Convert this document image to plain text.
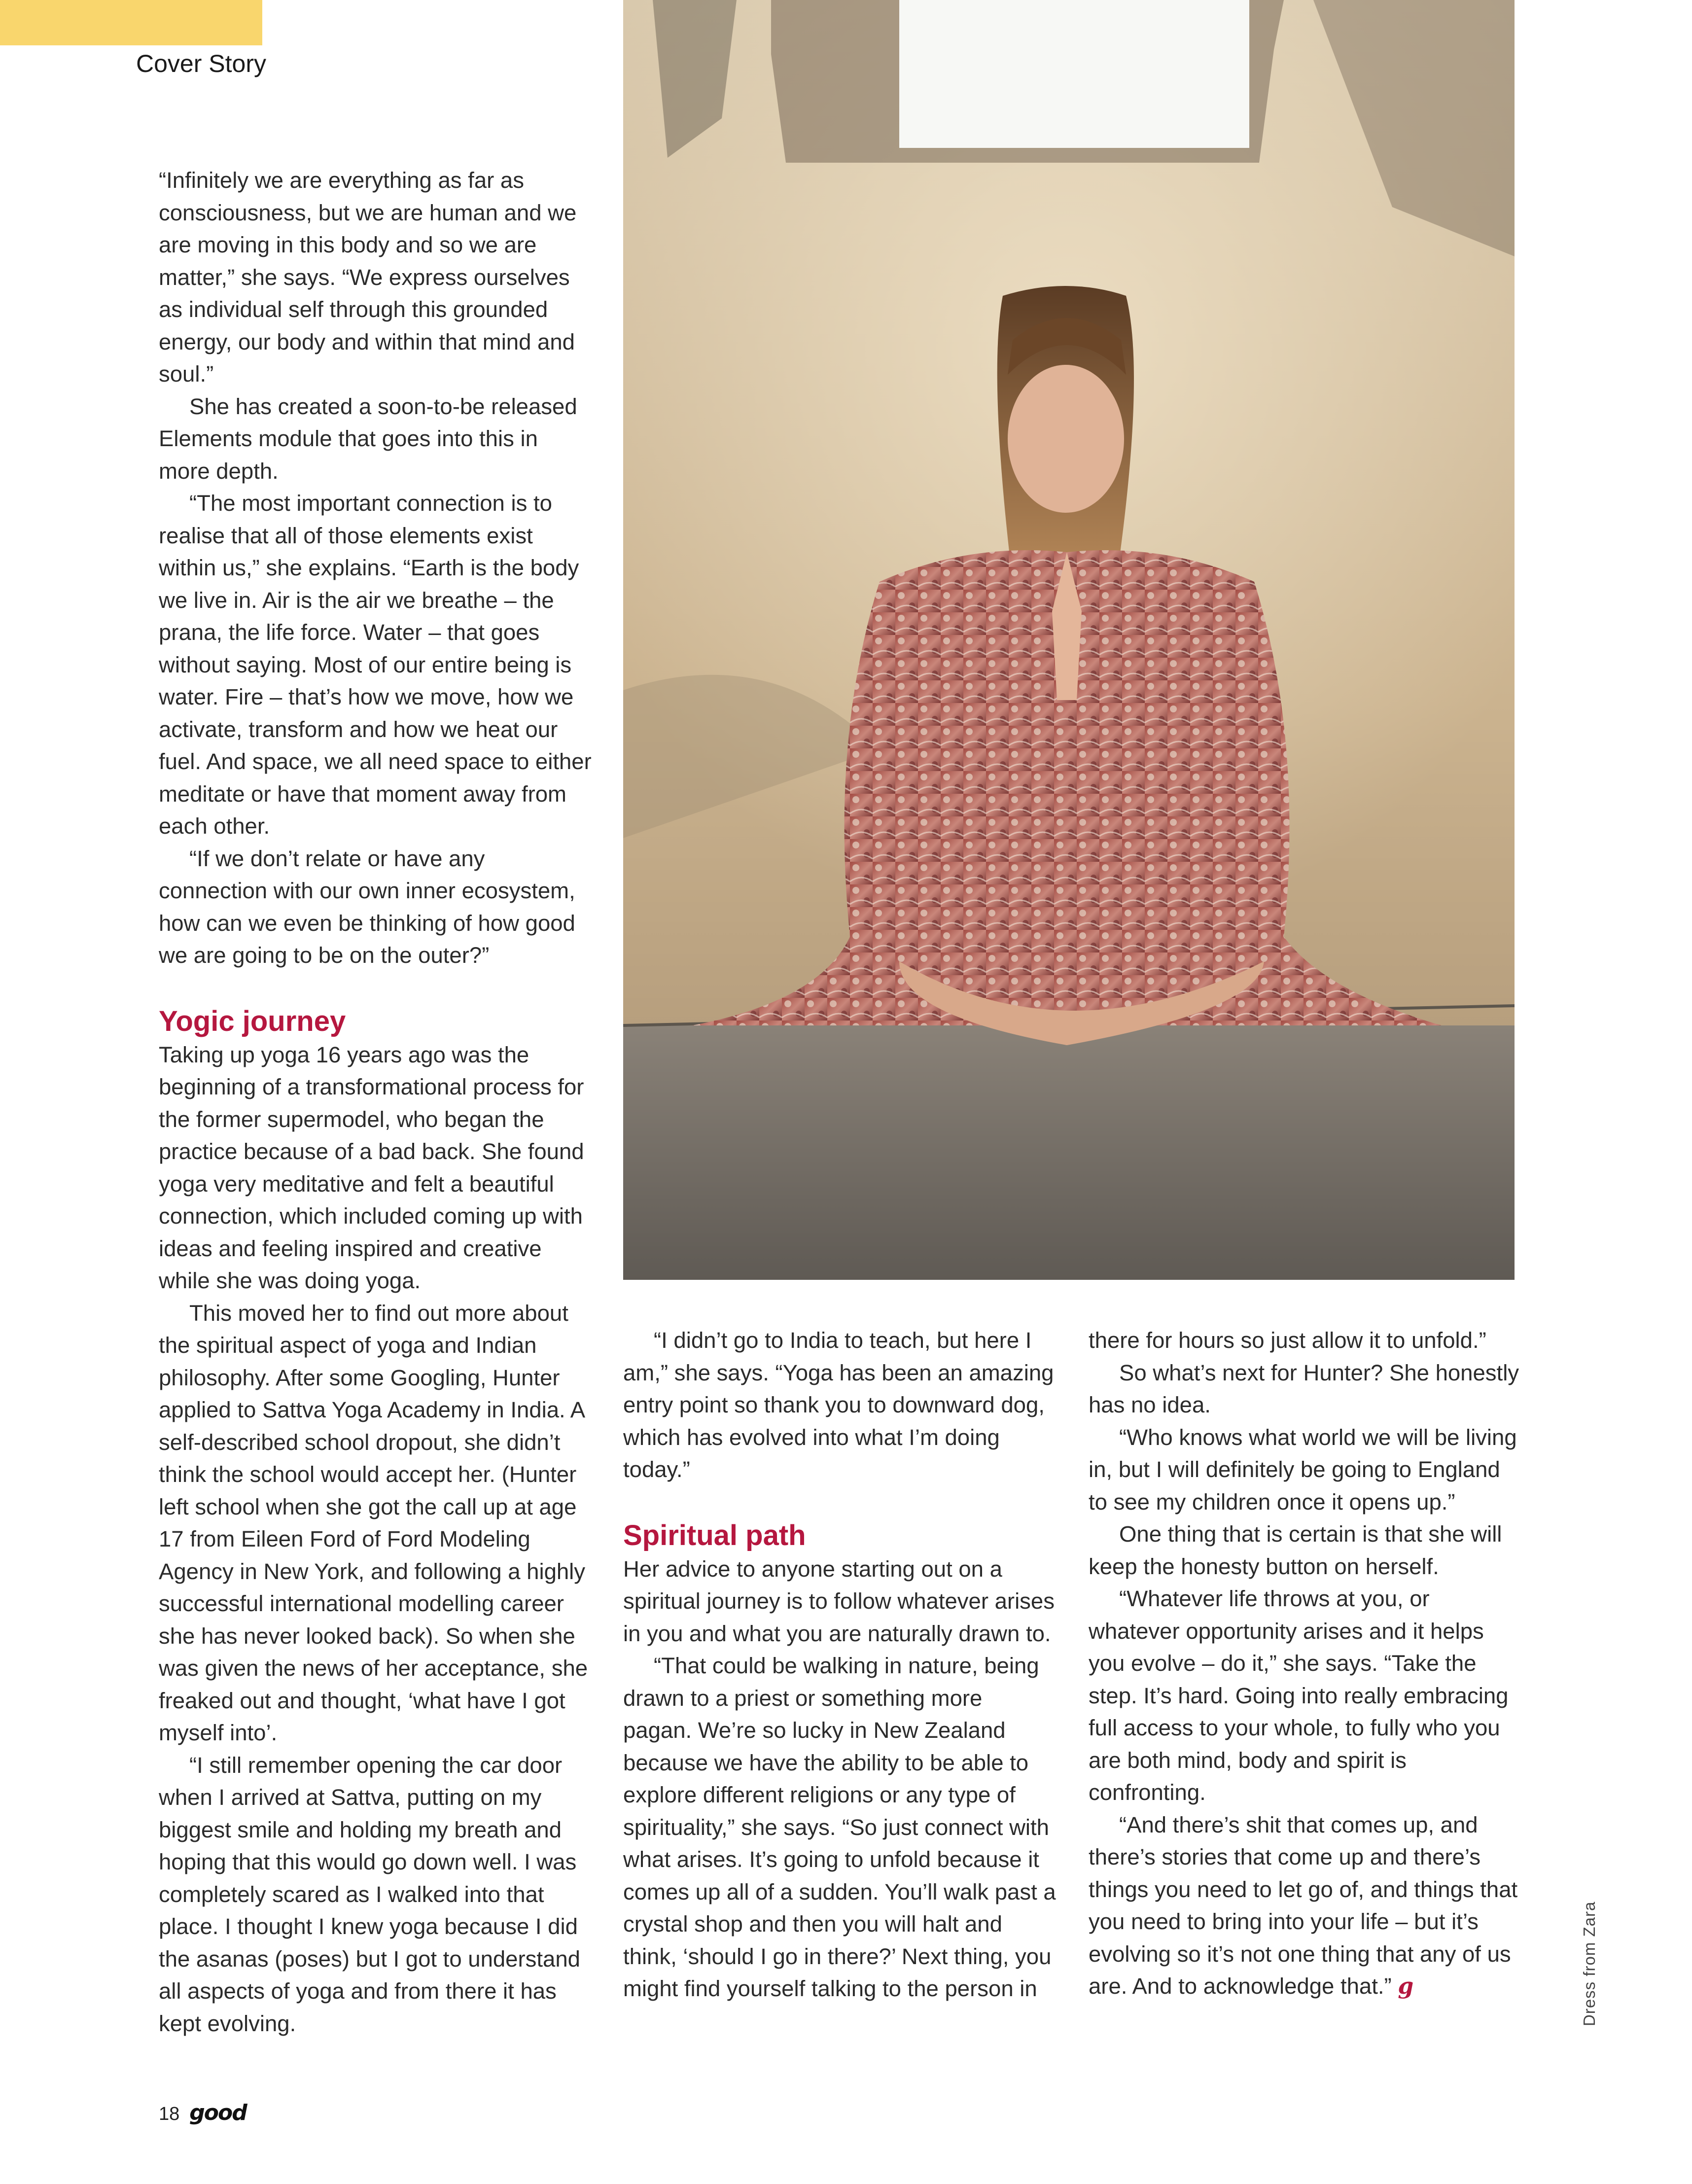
Cover Story

“Infinitely we are everything as far as consciousness, but we are human and we are moving in this body and so we are matter,” she says. “We express ourselves as individual self through this grounded energy, our body and within that mind and soul.”

She has created a soon-to-be released Elements module that goes into this in more depth.

“The most important connection is to realise that all of those elements exist within us,” she explains. “Earth is the body we live in. Air is the air we breathe – the prana, the life force. Water – that goes without saying. Most of our entire being is water. Fire – that’s how we move, how we activate, transform and how we heat our fuel. And space, we all need space to either meditate or have that moment away from each other.

“If we don’t relate or have any connection with our own inner ecosystem, how can we even be thinking of how good we are going to be on the outer?”

Yogic journey

Taking up yoga 16 years ago was the beginning of a transformational process for the former supermodel, who began the practice because of a bad back. She found yoga very meditative and felt a beautiful connection, which included coming up with ideas and feeling inspired and creative while she was doing yoga.

This moved her to find out more about the spiritual aspect of yoga and Indian philosophy. After some Googling, Hunter applied to Sattva Yoga Academy in India. A self-described school dropout, she didn’t think the school would accept her. (Hunter left school when she got the call up at age 17 from Eileen Ford of Ford Modeling Agency in New York, and following a highly successful international modelling career she has never looked back). So when she was given the news of her acceptance, she freaked out and thought, ‘what have I got myself into’.

“I still remember opening the car door when I arrived at Sattva, putting on my biggest smile and holding my breath and hoping that this would go down well. I was completely scared as I walked into that place. I thought I knew yoga because I did the asanas (poses) but I got to understand all aspects of yoga and from there it has kept evolving.

“I didn’t go to India to teach, but here I am,” she says. “Yoga has been an amazing entry point so thank you to downward dog, which has evolved into what I’m doing today.”

Spiritual path

Her advice to anyone starting out on a spiritual journey is to follow whatever arises in you and what you are naturally drawn to.

“That could be walking in nature, being drawn to a priest or something more pagan. We’re so lucky in New Zealand because we have the ability to be able to explore different religions or any type of spirituality,” she says. “So just connect with what arises. It’s going to unfold because it comes up all of a sudden. You’ll walk past a crystal shop and then you will halt and think, ‘should I go in there?’ Next thing, you might find yourself talking to the person in

there for hours so just allow it to unfold.”

So what’s next for Hunter? She honestly has no idea.

“Who knows what world we will be living in, but I will definitely be going to England to see my children once it opens up.”

One thing that is certain is that she will keep the honesty button on herself.

“Whatever life throws at you, or whatever opportunity arises and it helps you evolve – do it,” she says. “Take the step. It’s hard. Going into really embracing full access to your whole, to fully who you are both mind, body and spirit is confronting.

“And there’s shit that comes up, and there’s stories that come up and there’s things you need to let go of, and things that you need to bring into your life – but it’s evolving so it’s not one thing that any of us are. And to acknowledge that.” g	Dress from Zara
18 good
